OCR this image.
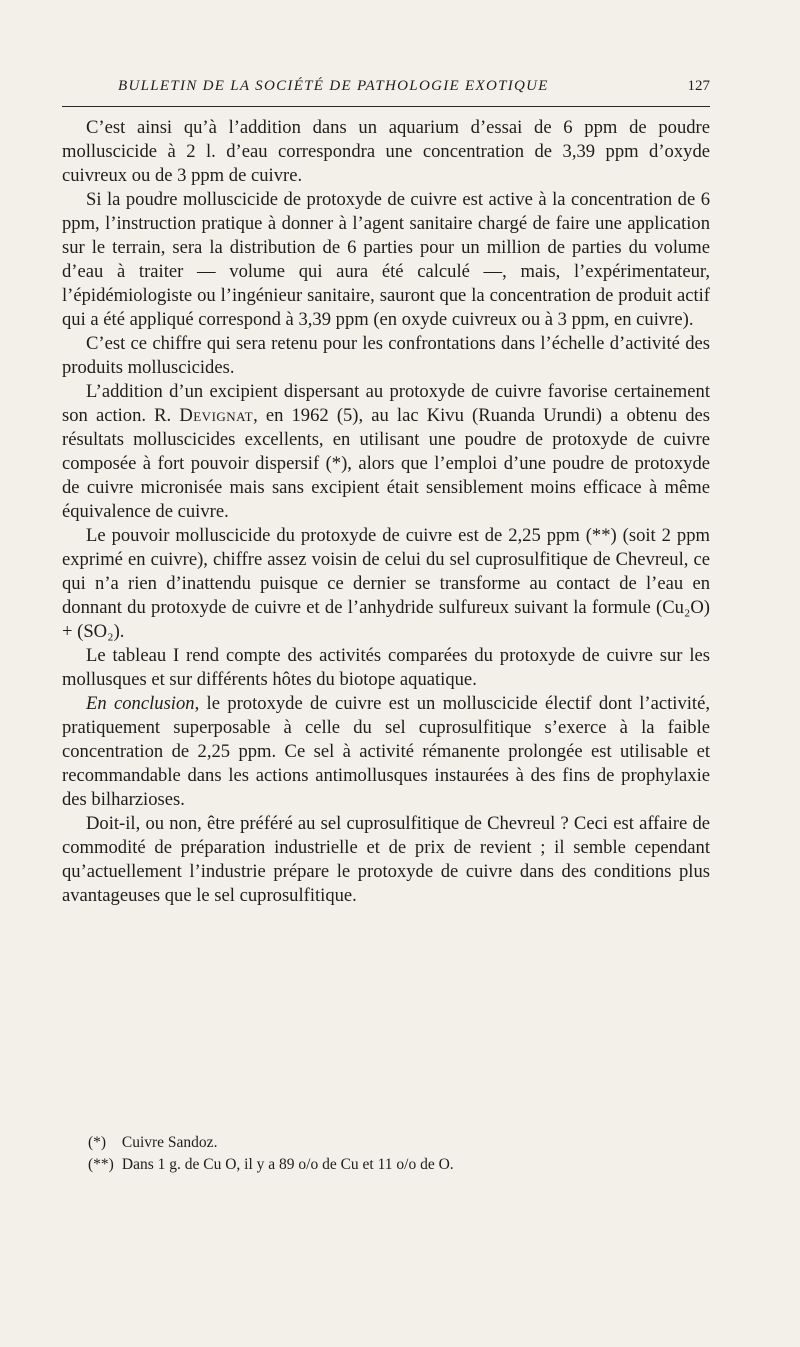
BULLETIN DE LA SOCIÉTÉ DE PATHOLOGIE EXOTIQUE	127

C’est ainsi qu’à l’addition dans un aquarium d’essai de 6 ppm de poudre molluscicide à 2 l. d’eau correspondra une concentration de 3,39 ppm d’oxyde cuivreux ou de 3 ppm de cuivre.

Si la poudre molluscicide de protoxyde de cuivre est active à la concentration de 6 ppm, l’instruction pratique à donner à l’agent sanitaire chargé de faire une application sur le terrain, sera la distribution de 6 parties pour un million de parties du volume d’eau à traiter — volume qui aura été calculé —, mais, l’expérimentateur, l’épidémiologiste ou l’ingénieur sanitaire, sauront que la concentration de produit actif qui a été appliqué correspond à 3,39 ppm (en oxyde cuivreux ou à 3 ppm, en cuivre).

C’est ce chiffre qui sera retenu pour les confrontations dans l’échelle d’activité des produits molluscicides.

L’addition d’un excipient dispersant au protoxyde de cuivre favorise certainement son action. R. Devignat, en 1962 (5), au lac Kivu (Ruanda Urundi) a obtenu des résultats molluscicides excellents, en utilisant une poudre de protoxyde de cuivre composée à fort pouvoir dispersif (*), alors que l’emploi d’une poudre de protoxyde de cuivre micronisée mais sans excipient était sensiblement moins efficace à même équivalence de cuivre.

Le pouvoir molluscicide du protoxyde de cuivre est de 2,25 ppm (**) (soit 2 ppm exprimé en cuivre), chiffre assez voisin de celui du sel cuprosulfitique de Chevreul, ce qui n’a rien d’inattendu puisque ce dernier se transforme au contact de l’eau en donnant du protoxyde de cuivre et de l’anhydride sulfureux suivant la formule (Cu₂O) + (SO₂).

Le tableau I rend compte des activités comparées du protoxyde de cuivre sur les mollusques et sur différents hôtes du biotope aquatique.

En conclusion, le protoxyde de cuivre est un molluscicide électif dont l’activité, pratiquement superposable à celle du sel cuprosulfitique s’exerce à la faible concentration de 2,25 ppm. Ce sel à activité rémanente prolongée est utilisable et recommandable dans les actions antimollusques instaurées à des fins de prophylaxie des bilharzioses.

Doit-il, ou non, être préféré au sel cuprosulfitique de Chevreul ? Ceci est affaire de commodité de préparation industrielle et de prix de revient ; il semble cependant qu’actuellement l’industrie prépare le protoxyde de cuivre dans des conditions plus avantageuses que le sel cuprosulfitique.

(*) Cuivre Sandoz.
(**) Dans 1 g. de Cu O, il y a 89 o/o de Cu et 11 o/o de O.
